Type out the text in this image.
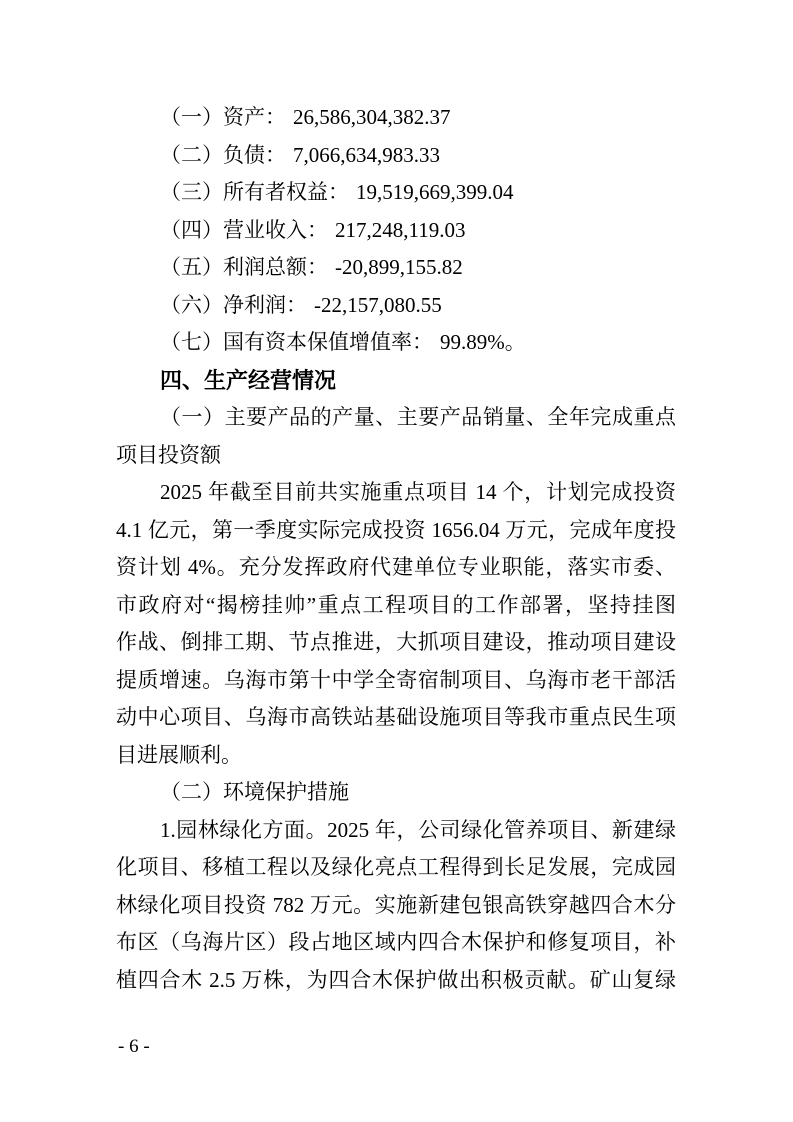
（一）资产： 26,586,304,382.37
（二）负债： 7,066,634,983.33
（三）所有者权益： 19,519,669,399.04
（四）营业收入： 217,248,119.03
（五）利润总额： -20,899,155.82
（六）净利润： -22,157,080.55
（七）国有资本保值增值率： 99.89%。
四、生产经营情况
（一）主要产品的产量、主要产品销量、全年完成重点
项目投资额
2025 年截至目前共实施重点项目 14 个，计划完成投资
4.1 亿元，第一季度实际完成投资 1656.04 万元，完成年度投
资计划 4%。充分发挥政府代建单位专业职能，落实市委、
市政府对“揭榜挂帅”重点工程项目的工作部署，坚持挂图
作战、倒排工期、节点推进，大抓项目建设，推动项目建设
提质增速。乌海市第十中学全寄宿制项目、乌海市老干部活
动中心项目、乌海市高铁站基础设施项目等我市重点民生项
目进展顺利。
（二）环境保护措施
1.园林绿化方面。2025 年，公司绿化管养项目、新建绿
化项目、移植工程以及绿化亮点工程得到长足发展，完成园
林绿化项目投资 782 万元。实施新建包银高铁穿越四合木分
布区（乌海片区）段占地区域内四合木保护和修复项目，补
植四合木 2.5 万株，为四合木保护做出积极贡献。矿山复绿
- 6 -
